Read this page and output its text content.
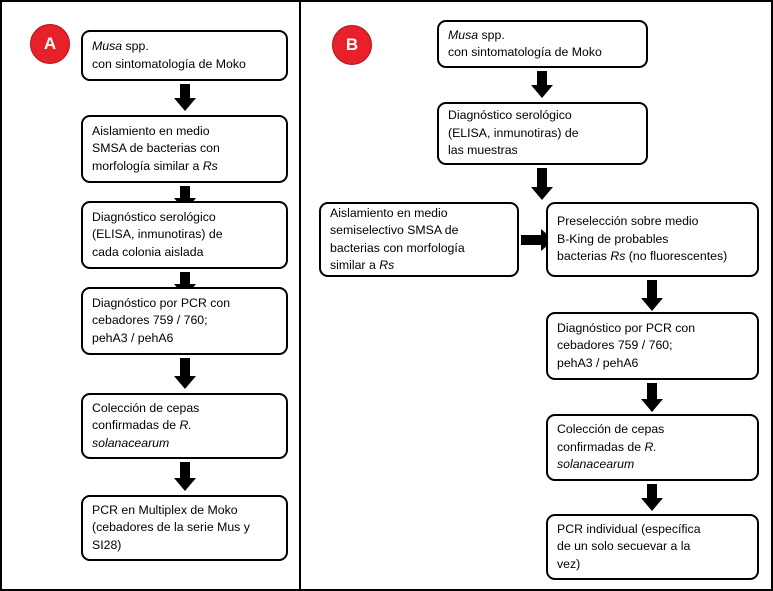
A	Musa spp.
con sintomatología de Moko
Aislamiento en medio
SMSA de bacterias con
morfología similar a Rs
Diagnóstico serológico
(ELISA, inmunotiras) de
cada colonia aislada
Diagnóstico por PCR con
cebadores 759 / 760;
pehA3 / pehA6
Colección de cepas
confirmadas de R.
solanacearum
PCR en Multiplex de Moko
(cebadores de la serie Mus y
SI28)
B
Musa spp.
con sintomatología de Moko
Diagnóstico serológico
(ELISA, inmunotiras) de
las muestras
Aislamiento en medio
semiselectivo SMSA de
bacterias con morfología
similar a Rs
Preselección sobre medio
B-King de probables
bacterias Rs (no fluorescentes)
Diagnóstico por PCR con
cebadores 759 / 760;
pehA3 / pehA6
Colección de cepas
confirmadas de R.
solanacearum
PCR individual (específica
de un solo secuevar a la
vez)
